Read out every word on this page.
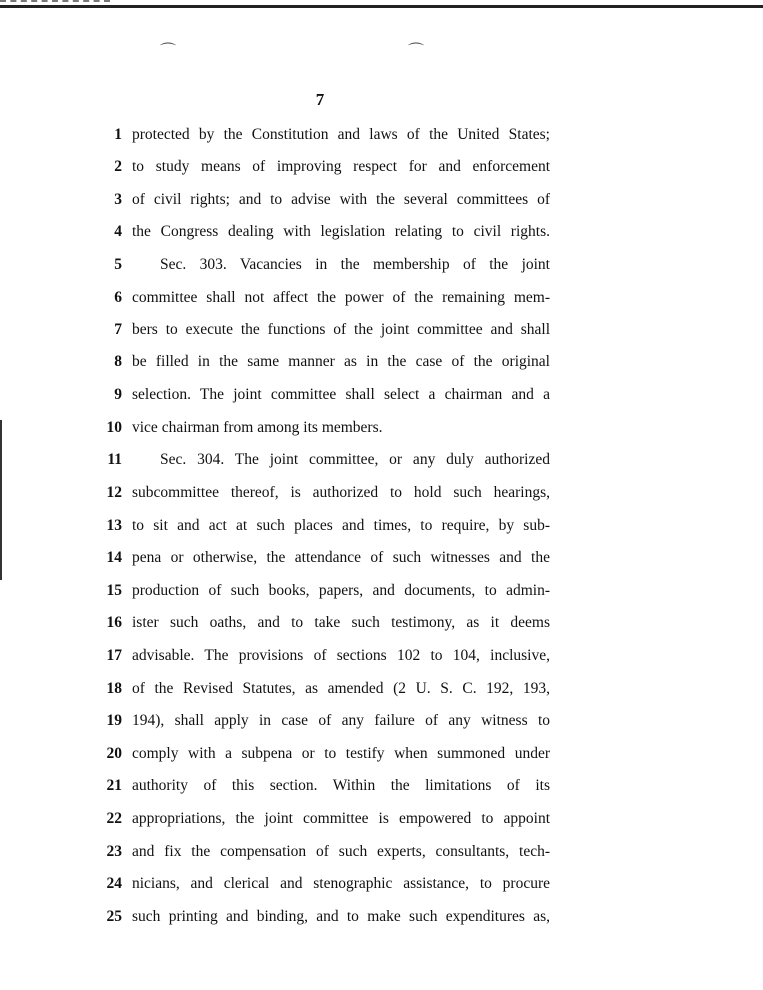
⌒	⌒
7
1 protected by the Constitution and laws of the United States;
2 to study means of improving respect for and enforcement
3 of civil rights; and to advise with the several committees of
4 the Congress dealing with legislation relating to civil rights.
5 Sec. 303. Vacancies in the membership of the joint
6 committee shall not affect the power of the remaining mem-
7 bers to execute the functions of the joint committee and shall
8 be filled in the same manner as in the case of the original
9 selection. The joint committee shall select a chairman and a
10 vice chairman from among its members.
11 Sec. 304. The joint committee, or any duly authorized
12 subcommittee thereof, is authorized to hold such hearings,
13 to sit and act at such places and times, to require, by sub-
14 pena or otherwise, the attendance of such witnesses and the
15 production of such books, papers, and documents, to admin-
16 ister such oaths, and to take such testimony, as it deems
17 advisable. The provisions of sections 102 to 104, inclusive,
18 of the Revised Statutes, as amended (2 U. S. C. 192, 193,
19 194), shall apply in case of any failure of any witness to
20 comply with a subpena or to testify when summoned under
21 authority of this section. Within the limitations of its
22 appropriations, the joint committee is empowered to appoint
23 and fix the compensation of such experts, consultants, tech-
24 nicians, and clerical and stenographic assistance, to procure
25 such printing and binding, and to make such expenditures as,
